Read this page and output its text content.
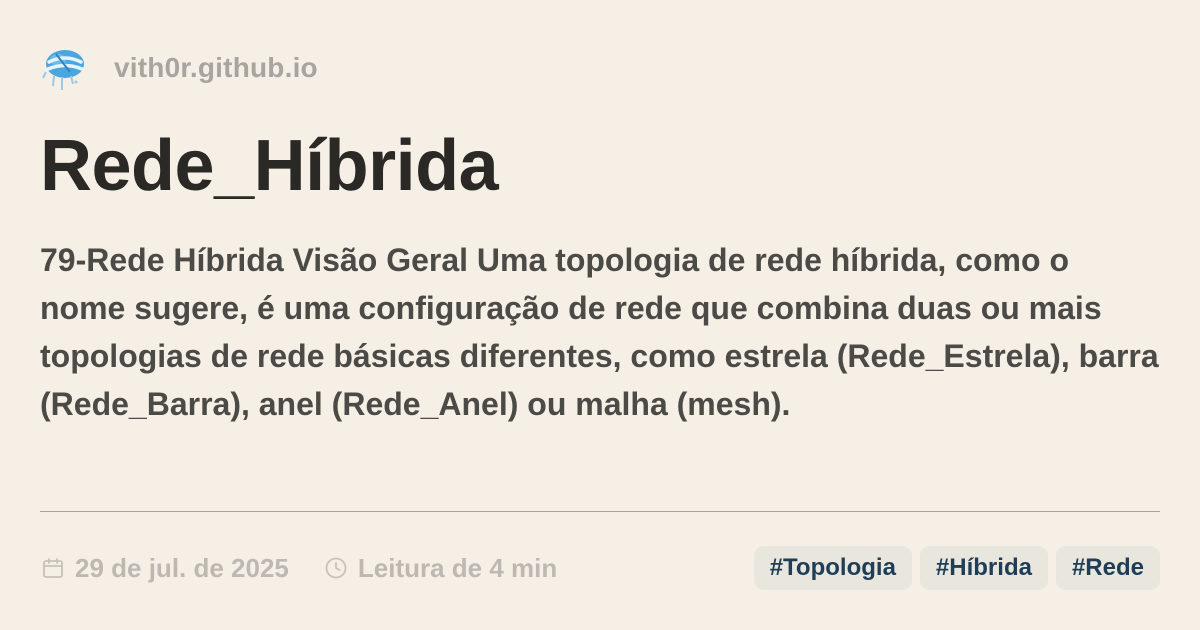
vith0r.github.io
Rede_Híbrida
79-Rede Híbrida Visão Geral Uma topologia de rede híbrida, como o nome sugere, é uma configuração de rede que combina duas ou mais topologias de rede básicas diferentes, como estrela (Rede_Estrela), barra (Rede_Barra), anel (Rede_Anel) ou malha (mesh).
29 de jul. de 2025	Leitura de 4 min	#Topologia	#Híbrida	#Rede
